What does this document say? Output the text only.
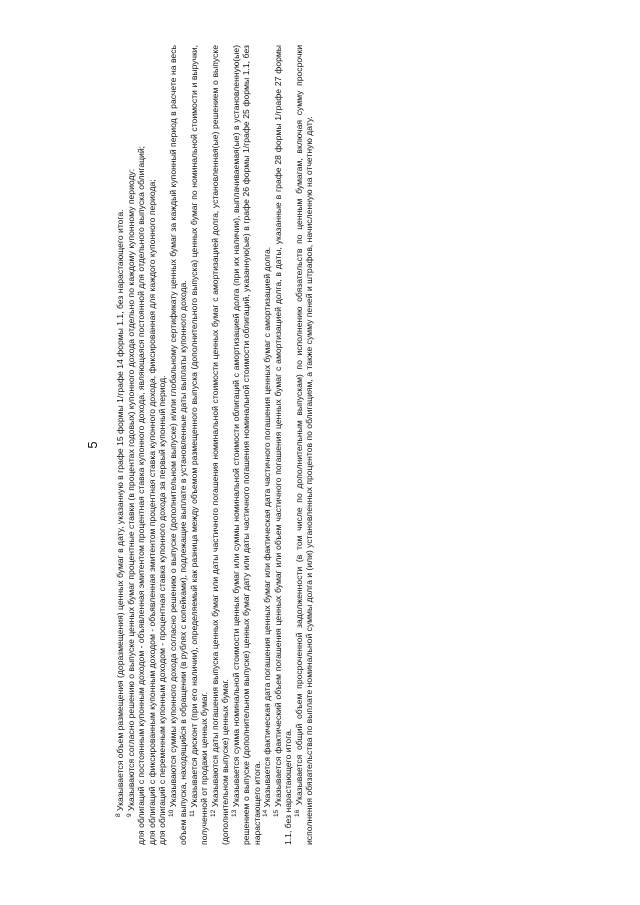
5

$^8$ Указывается объем размещения (доразмещения) ценных бумаг в дату, указанную в графе 15 формы 1/графе 14 формы 1.1, без нарастающего итога.

$^9$ Указываются согласно решению о выпуске ценных бумаг процентные ставки (в процентах годовых) купонного дохода отдельно по каждому купонному периоду: для облигаций с постоянным купонным доходом - объявленная эмитентом процентная ставка купонного дохода, являющаяся постоянной для отдельного выпуска облигаций; для облигаций с фиксированным купонным доходом - объявленная эмитентом процентная ставка купонного дохода, фиксированная для каждого купонного периода; для облигаций с переменным купонным доходом - процентная ставка купонного дохода за первый купонный период. $^{10}$ Указываются суммы купонного дохода согласно решению о выпуске (дополнительном выпуске) и/или глобальному сертификату ценных бумаг за каждый купонный период в расчете на весь объем выпуска, находящийся в обращении (в рублях с копейками), подлежащие выплате в установленные даты выплаты купонного дохода. $^{11}$ Указывается дисконт (при его наличии), определяемый как разница между объемом размещенного выпуска (дополнительного выпуска) ценных бумаг по номинальной стоимости и выручки, полученной от продажи ценных бумаг. $^{12}$ Указываются даты погашения выпуска ценных бумаг или даты частичного погашения номинальной стоимости ценных бумаг с амортизацией долга, установленная(ые) решением о выпуске (дополнительном выпуске) ценных бумаг. $^{13}$ Указывается сумма номинальной стоимости ценных бумаг или суммы номинальной стоимости облигаций с амортизацией долга (при их наличии), выплачиваемая(ые) в установленную(ые) решением о выпуске (дополнительном выпуске) ценных бумаг дату или даты частичного погашения номинальной стоимости облигаций, указанную(ые) в графе 26 формы 1/графе 25 формы 1.1, без нарастающего итога. $^{14}$ Указывается фактическая дата погашения ценных бумаг или фактическая дата частичного погашения ценных бумаг с амортизацией долга.

$^{15}$ Указывается фактический объем погашения ценных бумаг или объем частичного погашения ценных бумаг с амортизацией долга, в даты, указанные в графе 28 формы 1/графе 27 формы 1.1, без нарастающего итога. $^{16}$ Указывается общий объем просроченной задолженности (в том числе по дополнительным выпускам) по исполнению обязательств по ценным бумагам, включая сумму просрочки исполнения обязательства по выплате номинальной суммы долга и (или) установленных процентов по облигациям, а также сумму пеней и штрафов, начисленную на отчетную дату.
